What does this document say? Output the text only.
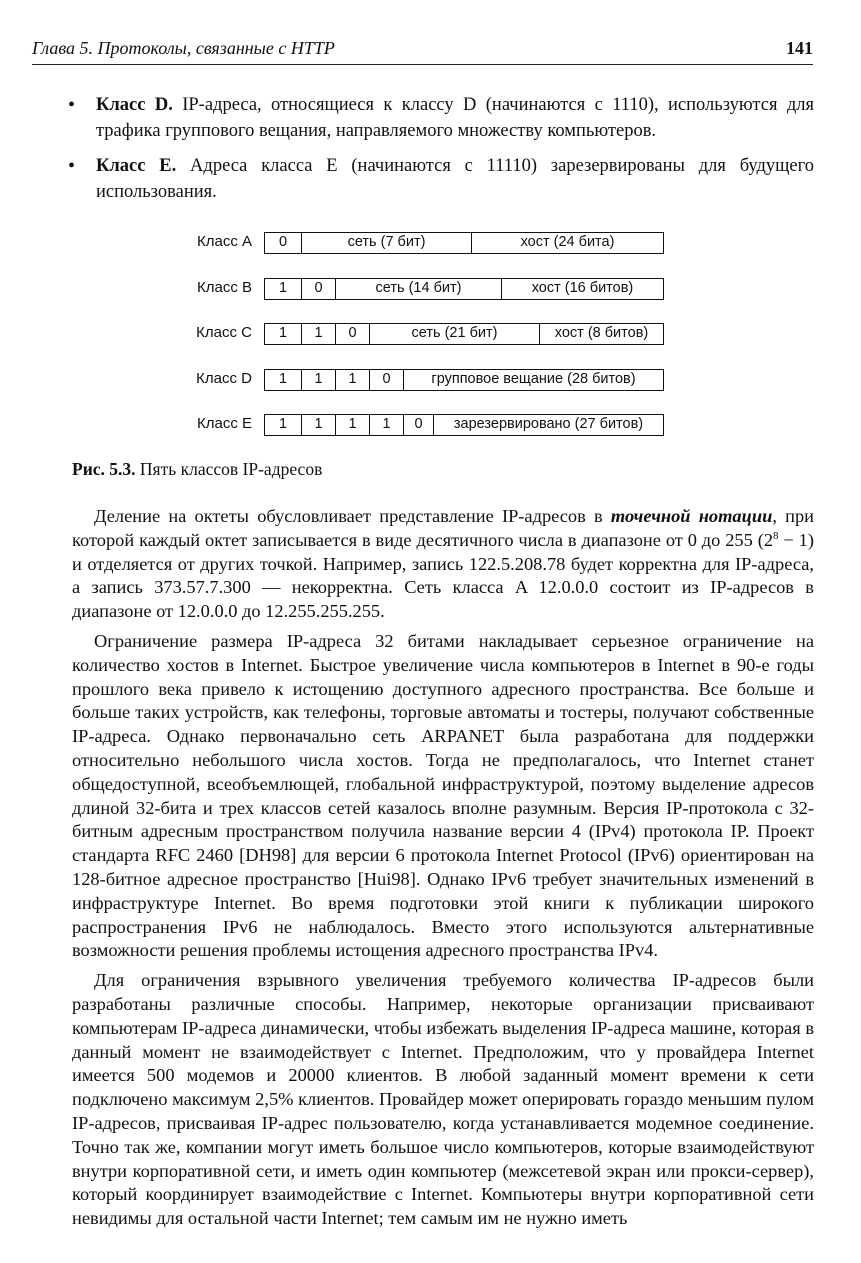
Глава 5. Протоколы, связанные с HTTP	141
• Класс D. IP-адреса, относящиеся к классу D (начинаются с 1110), используются для трафика группового вещания, направляемого множеству компьютеров.
• Класс E. Адреса класса E (начинаются с 11110) зарезервированы для будущего использования.
Класс A	0	сеть (7 бит)	хост (24 бита)
Класс B	1	0	сеть (14 бит)	хост (16 битов)
Класс C	1	1	0	сеть (21 бит)	хост (8 битов)
Класс D	1	1	1	0	групповое вещание (28 битов)
Класс E	1	1	1	1	0	зарезервировано (27 битов)
Рис. 5.3. Пять классов IP-адресов

Деление на октеты обусловливает представление IP-адресов в точечной нотации, при которой каждый октет записывается в виде десятичного числа в диапазоне от 0 до 255 $(2^8 - 1)$ и отделяется от других точкой. Например, запись 122.5.208.78 будет корректна для IP-адреса, а запись 373.57.7.300 — некорректна. Сеть класса A 12.0.0.0 состоит из IP-адресов в диапазоне от 12.0.0.0 до 12.255.255.255.

Ограничение размера IP-адреса 32 битами накладывает серьезное ограничение на количество хостов в Internet. Быстрое увеличение числа компьютеров в Internet в 90-е годы прошлого века привело к истощению доступного адресного пространства. Все больше и больше таких устройств, как телефоны, торговые автоматы и тостеры, получают собственные IP-адреса. Однако первоначально сеть ARPANET была разработана для поддержки относительно небольшого числа хостов. Тогда не предполагалось, что Internet станет общедоступной, всеобъемлющей, глобальной инфраструктурой, поэтому выделение адресов длиной 32-бита и трех классов сетей казалось вполне разумным. Версия IP-протокола с 32-битным адресным пространством получила название версии 4 (IPv4) протокола IP. Проект стандарта RFC 2460 [DH98] для версии 6 протокола Internet Protocol (IPv6) ориентирован на 128-битное адресное пространство [Hui98]. Однако IPv6 требует значительных изменений в инфраструктуре Internet. Во время подготовки этой книги к публикации широкого распространения IPv6 не наблюдалось. Вместо этого используются альтернативные возможности решения проблемы истощения адресного пространства IPv4.

Для ограничения взрывного увеличения требуемого количества IP-адресов были разработаны различные способы. Например, некоторые организации присваивают компьютерам IP-адреса динамически, чтобы избежать выделения IP-адреса машине, которая в данный момент не взаимодействует с Internet. Предположим, что у провайдера Internet имеется 500 модемов и 20000 клиентов. В любой заданный момент времени к сети подключено максимум 2,5% клиентов. Провайдер может оперировать гораздо меньшим пулом IP-адресов, присваивая IP-адрес пользователю, когда устанавливается модемное соединение. Точно так же, компании могут иметь большое число компьютеров, которые взаимодействуют внутри корпоративной сети, и иметь один компьютер (межсетевой экран или прокси-сервер), который координирует взаимодействие с Internet. Компьютеры внутри корпоративной сети невидимы для остальной части Internet; тем самым им не нужно иметь
